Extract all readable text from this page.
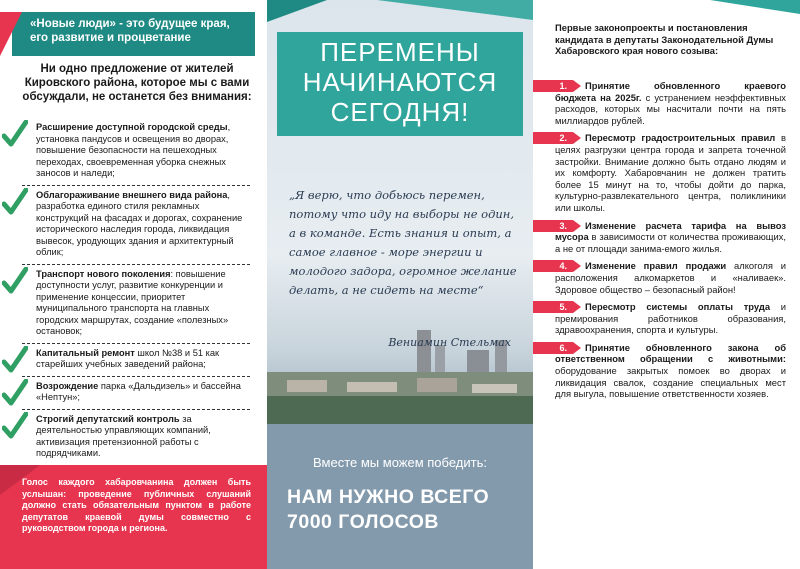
«Новые люди» - это будущее края, его развитие и процветание
Ни одно предложение от жителей Кировского района, которое мы с вами обсуждали, не останется без внимания:
Расширение доступной городской среды, установка пандусов и освещения во дворах, повышение безопасности на пешеходных переходах, своевременная уборка снежных заносов и наледи;
Облагораживание внешнего вида района, разработка единого стиля рекламных конструкций на фасадах и дорогах, сохранение исторического наследия города, ликвидация вывесок, уродующих здания и архитектурный облик;
Транспорт нового поколения: повышение доступности услуг, развитие конкуренции и применение концессии, приоритет муниципального транспорта на главных городских маршрутах, создание «полезных» остановок;
Капитальный ремонт школ №38 и 51 как старейших учебных заведений района;
Возрождение парка «Дальдизель» и бассейна «Нептун»;
Строгий депутатский контроль за деятельностью управляющих компаний, активизация претензионной работы с подрядчиками.
Голос каждого хабаровчанина должен быть услышан: проведение публичных слушаний должно стать обязательным пунктом в работе депутатов краевой думы совместно с руководством города и региона.
ПЕРЕМЕНЫ
НАЧИНАЮТСЯ
СЕГОДНЯ!
„Я верю, что добьюсь перемен, потому что иду на выборы не один, а в команде. Есть знания и опыт, а самое главное - море энергии и молодого задора, огромное желание делать, а не сидеть на месте“
Вениамин Стельмах
Вместе мы можем победить:
НАМ НУЖНО ВСЕГО
7000 ГОЛОСОВ
Первые законопроекты и постановления кандидата в депутаты Законодательной Думы Хабаровского края нового созыва:
1.	Принятие обновленного краевого бюджета на 2025г. с устранением неэффективных расходов, которых мы насчитали почти на пять миллиардов рублей.
2.	Пересмотр градостроительных правил в целях разгрузки центра города и запрета точечной застройки. Внимание должно быть отдано людям и их комфорту. Хабаровчанин не должен тратить более 15 минут на то, чтобы дойти до парка, культурно-развлекательного центра, поликлиники или школы.
3.	Изменение расчета тарифа на вывоз мусора в зависимости от количества проживающих, а не от площади занима-емого жилья.
4.	Изменение правил продажи алкоголя и расположения алкомаркетов и «наливаек». Здоровое общество – безопасный район!
5.	Пересмотр системы оплаты труда и премирования работников образования, здравоохранения, спорта и культуры.
6.	Принятие обновленного закона об ответственном обращении с животными: оборудование закрытых помоек во дворах и ликвидация свалок, создание специальных мест для выгула, повышение ответственности хозяев.
